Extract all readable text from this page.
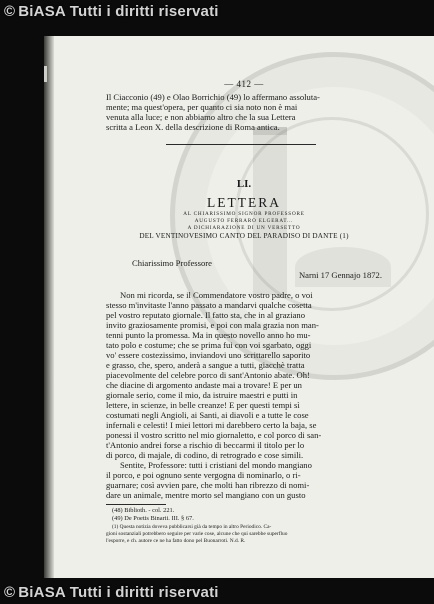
© BiASA Tutti i diritti riservati
— 412 —
Il Ciacconio (49) e Olao Borrichio (49) lo affermano assoluta-
mente; ma quest'opera, per quanto ci sia noto non è mai
venuta alla luce; e non abbiamo altro che la sua Lettera
scritta a Leon X. della descrizione di Roma antica.
LI.
LETTERA
AL CHIARISSIMO SIGNOR PROFESSORE
AUGUSTO FERRARO ELGERAT...
A DICHIARAZIONE DI UN VERSETTO
DEL VENTINOVESIMO CANTO DEL PARADISO DI DANTE (1)
Chiarissimo Professore
Narni 17 Gennajo 1872.
Non mi ricorda, se il Commendatore vostro padre, o voi
stesso m'invitaste l'anno passato a mandarvi qualche cosetta
pel vostro reputato giornale. Il fatto sta, che in al graziano
invito graziosamente promisi, e poi con mala grazia non man-
tenni punto la promessa. Ma in questo novello anno ho mu-
tato polo e costume; che se prima fui con voi sgarbato, oggi
vo' essere costezissimo, inviandovi uno scrittarello saporito
e grasso, che, spero, anderà a sangue a tutti, giacchè tratta
piacevolmente del celebre porco di sant'Antonio abate. Oh!
che diacine di argomento andaste mai a trovare! E per un
giornale serio, come il mio, da istruire maestri e putti in
lettere, in scienze, in belle creanze! E per questi tempi sì
costumati negli Angioli, ai Santi, ai diavoli e a tutte le cose
infernali e celesti! I miei lettori mi darebbero certo la baja, se
ponessi il vostro scritto nel mio giornaletto, e col porco di san-
t'Antonio andrei forse a rischio di beccarmi il titolo per lo
di porco, di majale, di codino, di retrogrado e cose simili.
Sentite, Professore: tutti i cristiani del mondo mangiano
il porco, e poi ognuno sente vergogna di nominarlo, o ri-
guarnare; così avvien pare, che molti han ribrezzo di nomi-
dare un animale, mentre morto sel mangiano con un gusto
(48) Biblioth. - col. 221.
(49) De Poetis Binarii. III. § 67.
(1) Questa notizia doveva pubblicarsi già da tempo in altro Periodico. Ca-
gioni sostanziali potrebbero seguire per varie cose, alcune che qui sarebbe superfluo
l'esporre, e ch. autore ce ne ha fatto dono pel Buonarroti. N.d. R.
© BiASA Tutti i diritti riservati
